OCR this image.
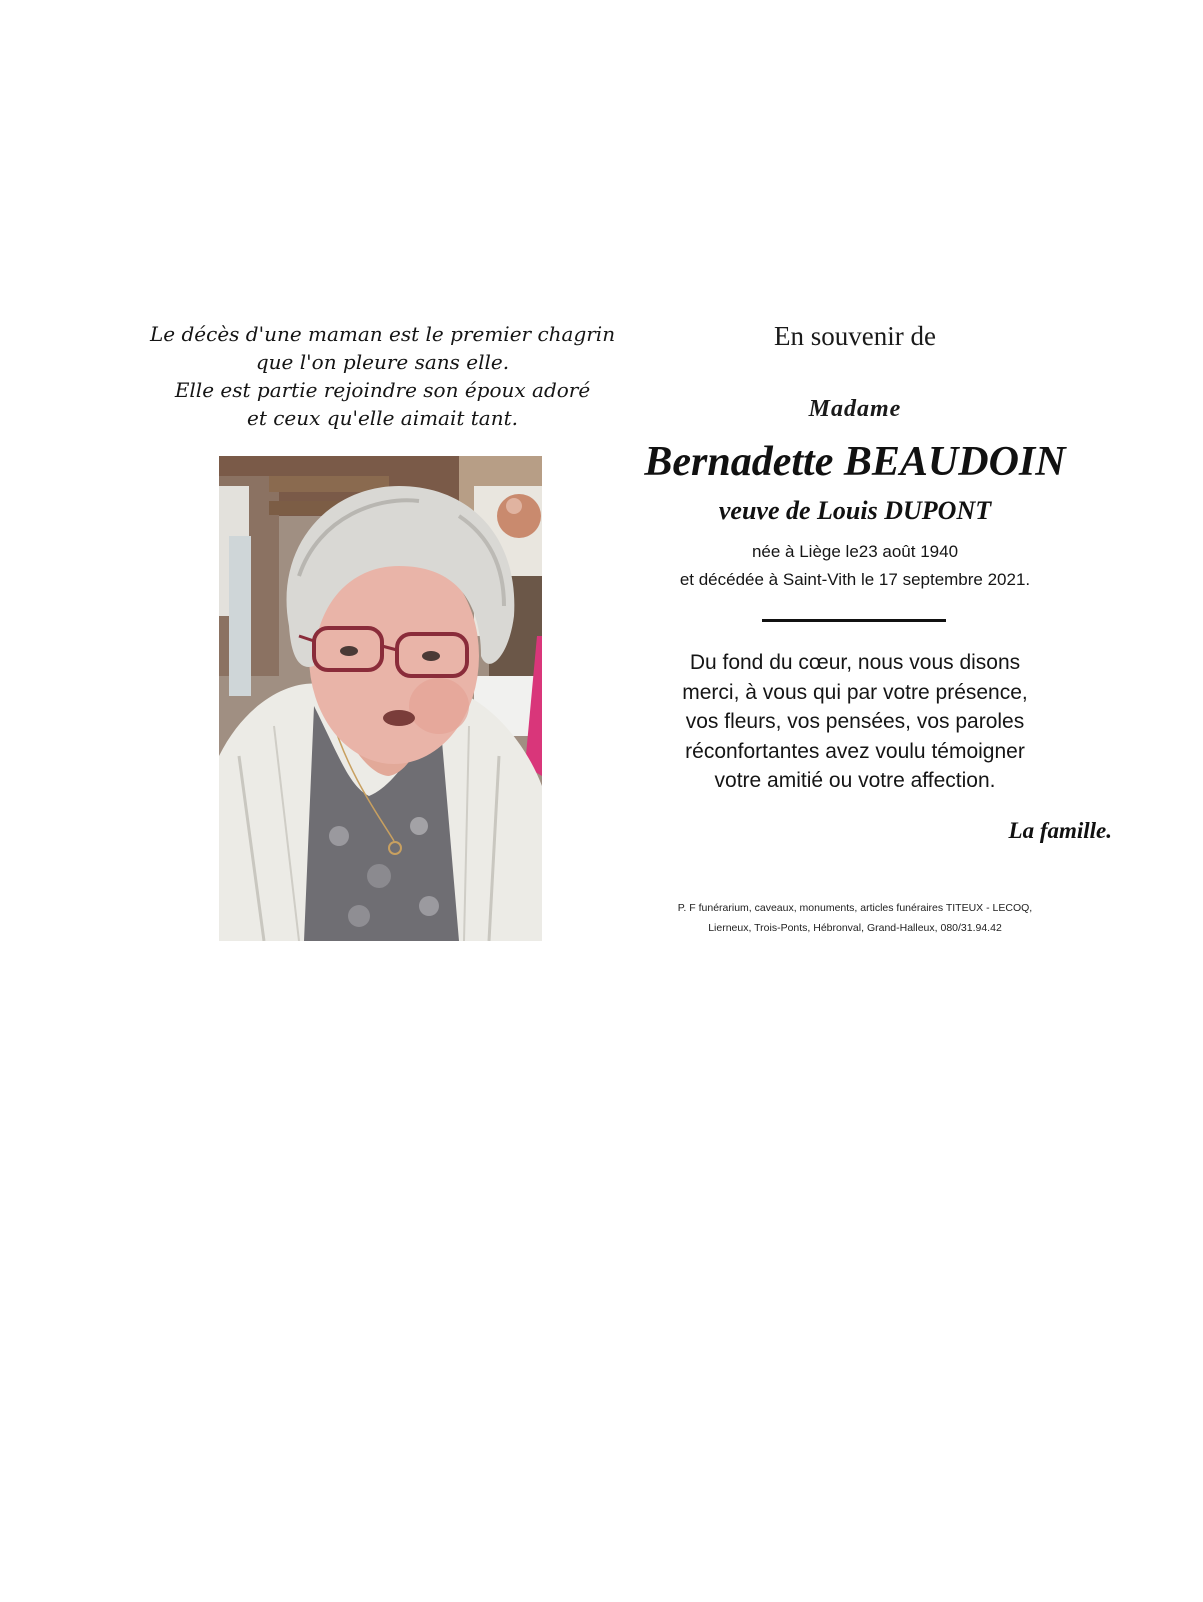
Le décès d'une maman est le premier chagrin
que l'on pleure sans elle.
Elle est partie rejoindre son époux adoré
et ceux qu'elle aimait tant.
En souvenir de
Madame
Bernadette BEAUDOIN
veuve de Louis DUPONT
née à Liège le23 août 1940
et décédée à Saint-Vith le 17 septembre 2021.
Du fond du cœur, nous vous disons
merci, à vous qui par votre présence,
vos fleurs, vos pensées, vos paroles
réconfortantes avez voulu témoigner
votre amitié ou votre affection.
La famille.
P. F funérarium, caveaux, monuments, articles funéraires TITEUX - LECOQ,
Lierneux, Trois-Ponts, Hébronval, Grand-Halleux, 080/31.94.42
